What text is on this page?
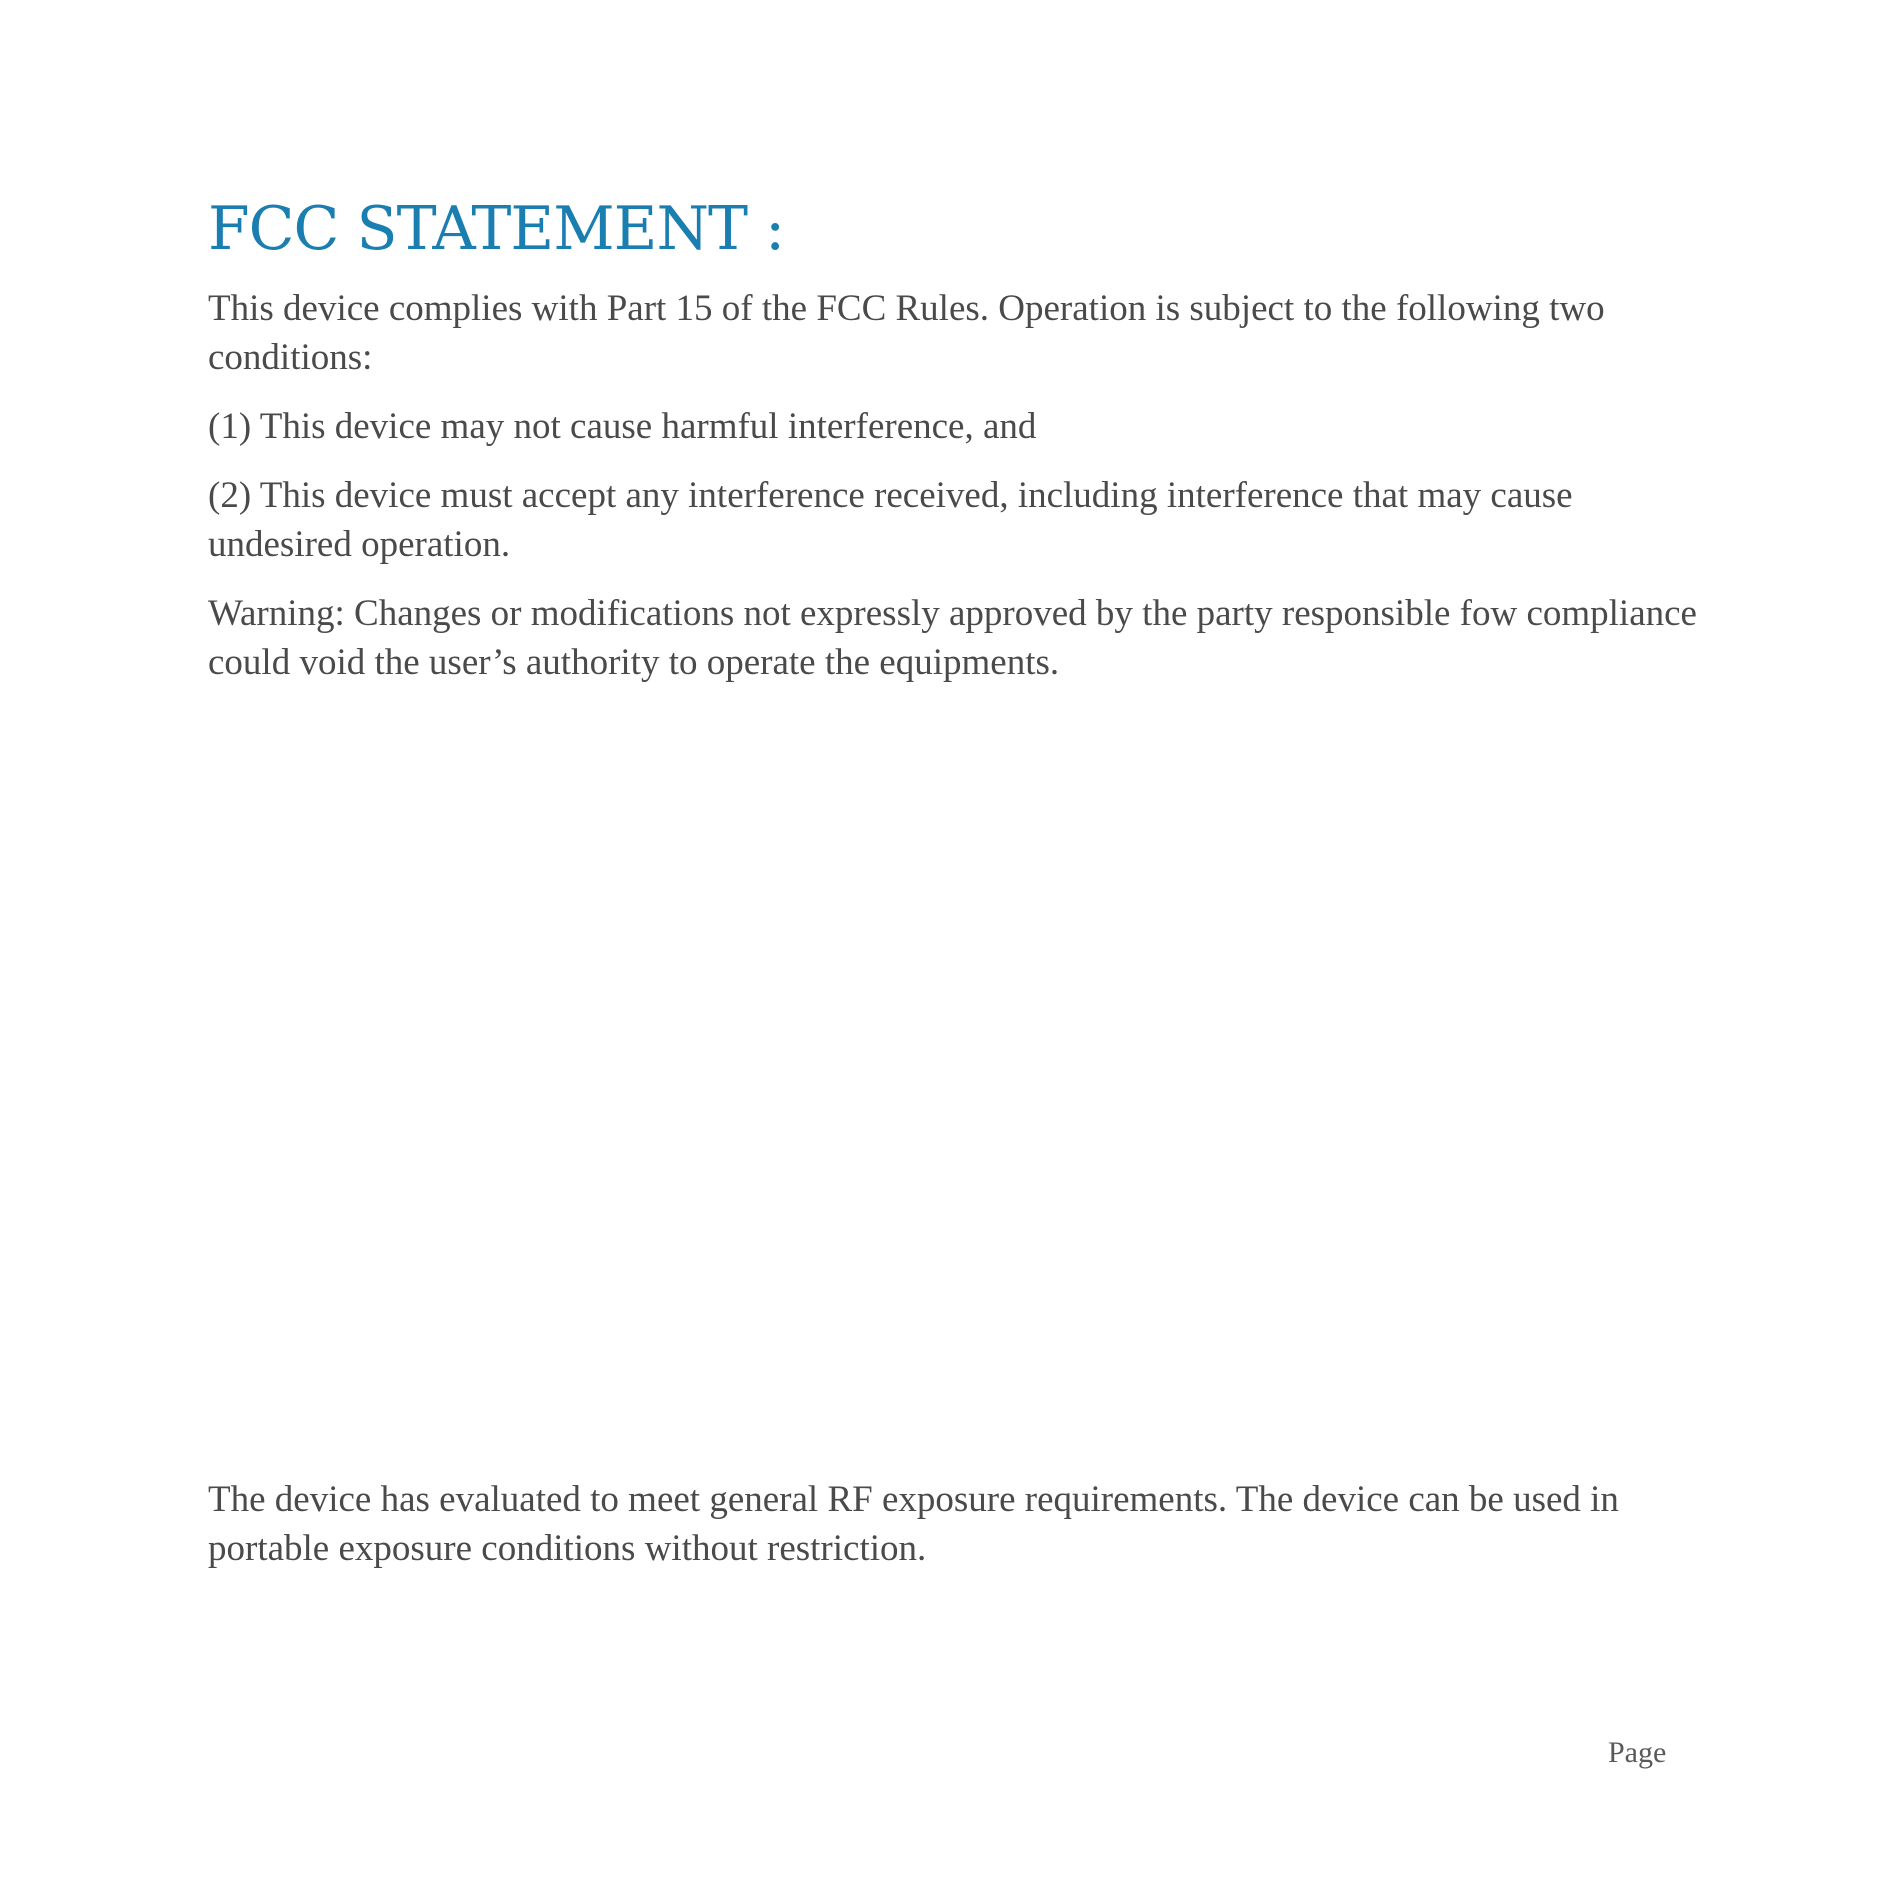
FCC STATEMENT :

This device complies with Part 15 of the FCC Rules. Operation is subject to the following two conditions:

(1) This device may not cause harmful interference, and

(2) This device must accept any interference received, including interference that may cause undesired operation.

Warning: Changes or modifications not expressly approved by the party responsible fow compliance could void the user’s authority to operate the equipments.

The device has evaluated to meet general RF exposure requirements. The device can be used in portable exposure conditions without restriction.

Page
